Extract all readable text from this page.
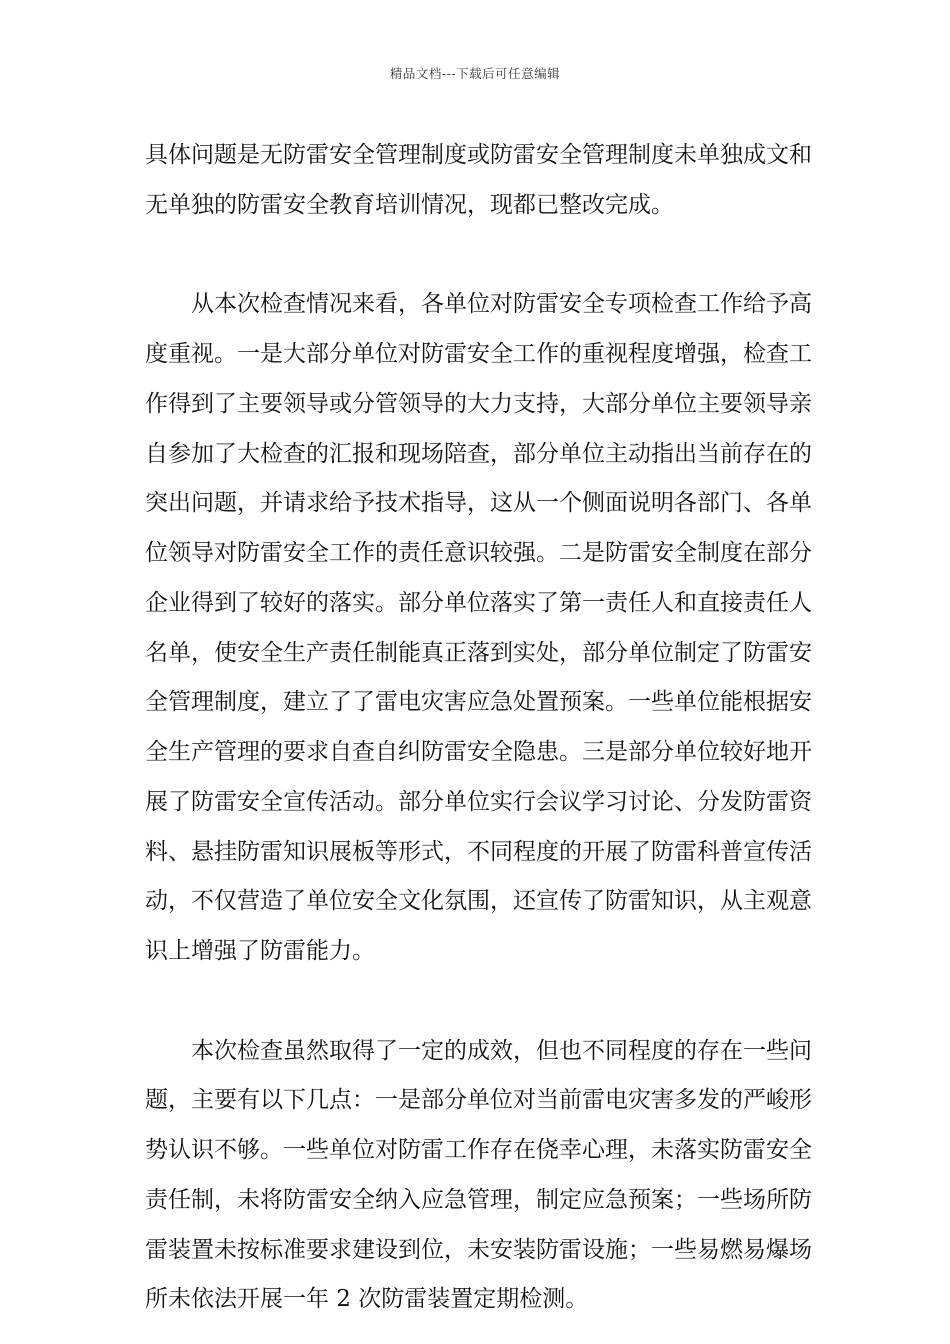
精品文档---下载后可任意编辑
具体问题是无防雷安全管理制度或防雷安全管理制度未单独成文和
无单独的防雷安全教育培训情况，现都已整改完成。
从本次检查情况来看，各单位对防雷安全专项检查工作给予高
度重视。一是大部分单位对防雷安全工作的重视程度增强，检查工
作得到了主要领导或分管领导的大力支持，大部分单位主要领导亲
自参加了大检查的汇报和现场陪查，部分单位主动指出当前存在的
突出问题，并请求给予技术指导，这从一个侧面说明各部门、各单
位领导对防雷安全工作的责任意识较强。二是防雷安全制度在部分
企业得到了较好的落实。部分单位落实了第一责任人和直接责任人
名单，使安全生产责任制能真正落到实处，部分单位制定了防雷安
全管理制度，建立了了雷电灾害应急处置预案。一些单位能根据安
全生产管理的要求自查自纠防雷安全隐患。三是部分单位较好地开
展了防雷安全宣传活动。部分单位实行会议学习讨论、分发防雷资
料、悬挂防雷知识展板等形式，不同程度的开展了防雷科普宣传活
动，不仅营造了单位安全文化氛围，还宣传了防雷知识，从主观意
识上增强了防雷能力。
本次检查虽然取得了一定的成效，但也不同程度的存在一些问
题，主要有以下几点：一是部分单位对当前雷电灾害多发的严峻形
势认识不够。一些单位对防雷工作存在侥幸心理，未落实防雷安全
责任制，未将防雷安全纳入应急管理，制定应急预案；一些场所防
雷装置未按标准要求建设到位，未安装防雷设施；一些易燃易爆场
所未依法开展一年 2 次防雷装置定期检测。
